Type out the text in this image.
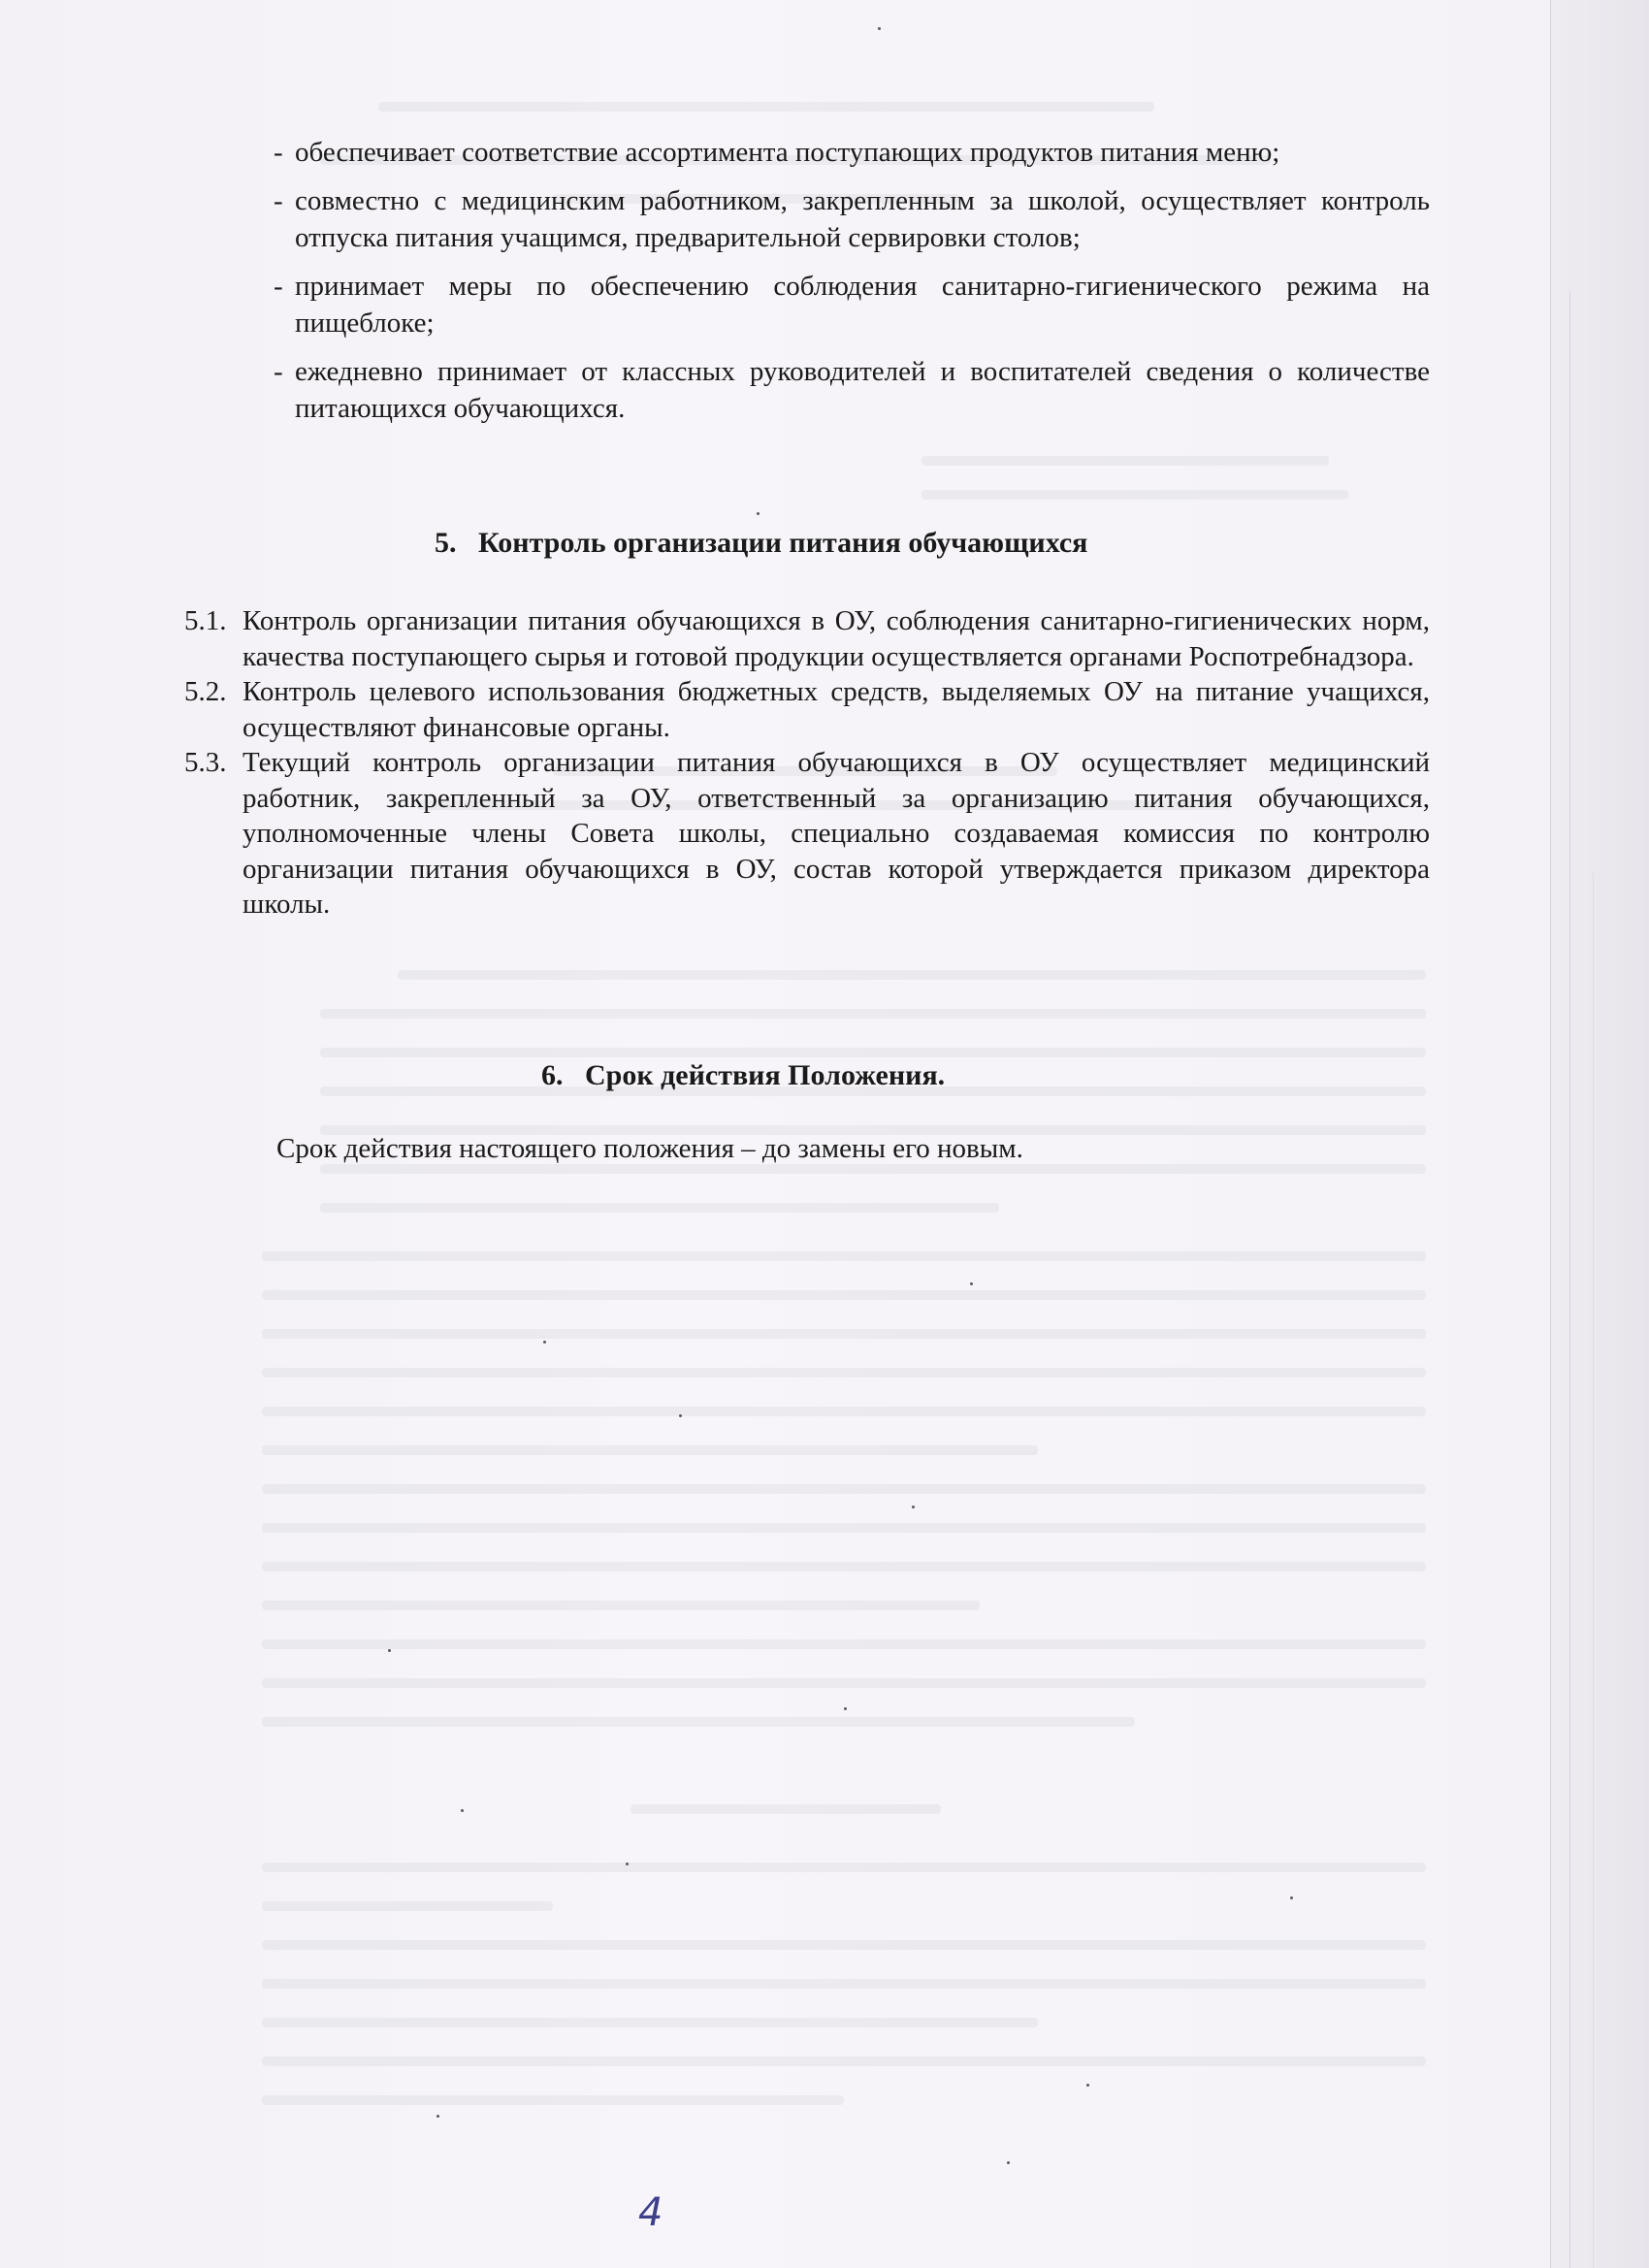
- обеспечивает соответствие ассортимента поступающих продуктов питания меню;
- совместно с медицинским работником, закрепленным за школой, осуществляет контроль отпуска питания учащимся, предварительной сервировки столов;
- принимает меры по обеспечению соблюдения санитарно-гигиенического режима на пищеблоке;
- ежедневно принимает от классных руководителей и воспитателей сведения о количестве питающихся обучающихся.
5.   Контроль организации питания обучающихся
5.1. Контроль организации питания обучающихся в ОУ, соблюдения санитарно-гигиенических норм, качества поступающего сырья и готовой продукции осуществляется органами Роспотребнадзора.
5.2. Контроль целевого использования бюджетных средств, выделяемых ОУ на питание учащихся, осуществляют финансовые органы.
5.3. Текущий контроль организации питания обучающихся в ОУ осуществляет медицинский работник, закрепленный за ОУ, ответственный за организацию питания обучающихся, уполномоченные члены Совета школы, специально создаваемая комиссия по контролю организации питания обучающихся в ОУ, состав которой утверждается приказом директора школы.
6.   Срок действия Положения.
Срок действия настоящего положения – до замены его новым.
4
